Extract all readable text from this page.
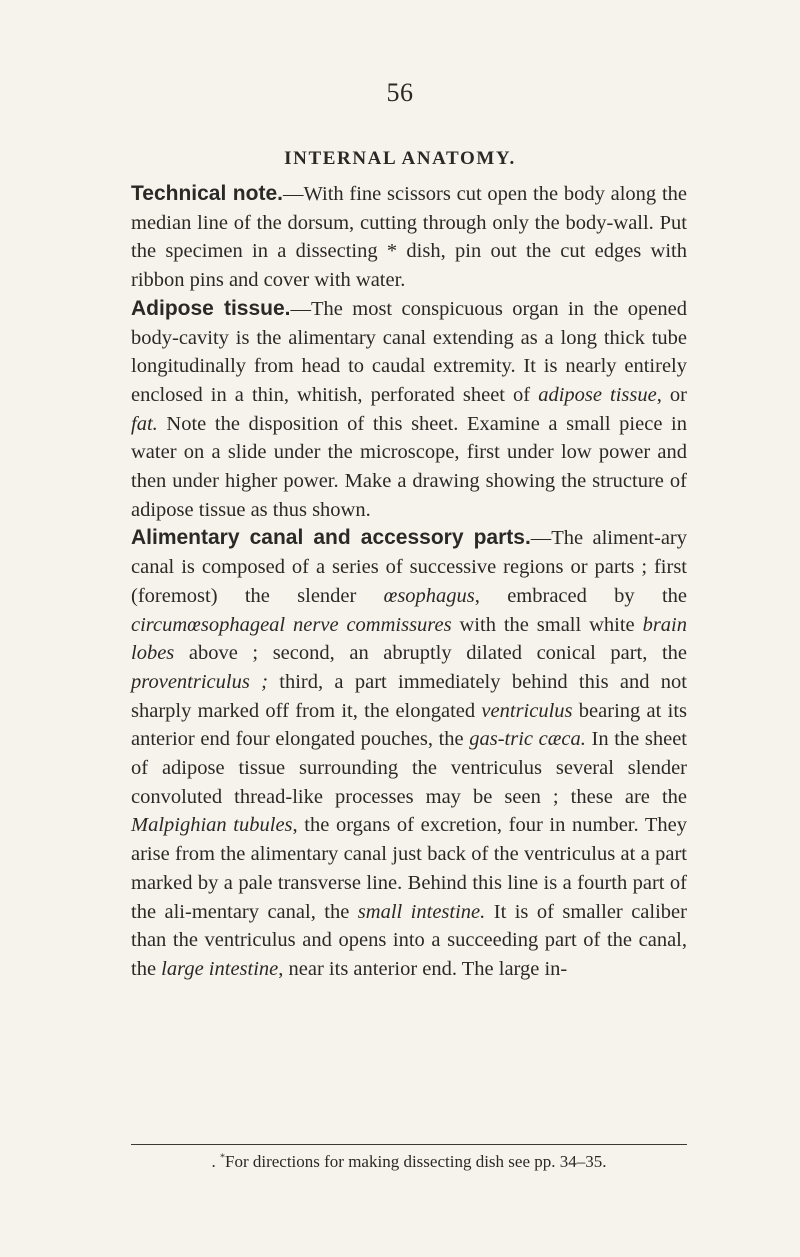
56
INTERNAL ANATOMY.

Technical note.—With fine scissors cut open the body along the median line of the dorsum, cutting through only the body-wall. Put the specimen in a dissecting * dish, pin out the cut edges with ribbon pins and cover with water.

Adipose tissue.—The most conspicuous organ in the opened body-cavity is the alimentary canal extending as a long thick tube longitudinally from head to caudal extremity. It is nearly entirely enclosed in a thin, whitish, perforated sheet of adipose tissue, or fat. Note the disposition of this sheet. Examine a small piece in water on a slide under the microscope, first under low power and then under higher power. Make a drawing showing the structure of adipose tissue as thus shown.

Alimentary canal and accessory parts.—The aliment-ary canal is composed of a series of successive regions or parts ; first (foremost) the slender œsophagus, embraced by the circumœsophageal nerve commissures with the small white brain lobes above ; second, an abruptly dilated conical part, the proventriculus ; third, a part immediately behind this and not sharply marked off from it, the elongated ventriculus bearing at its anterior end four elongated pouches, the gas-tric cæca. In the sheet of adipose tissue surrounding the ventriculus several slender convoluted thread-like processes may be seen ; these are the Malpighian tubules, the organs of excretion, four in number. They arise from the alimentary canal just back of the ventriculus at a part marked by a pale transverse line. Behind this line is a fourth part of the ali-mentary canal, the small intestine. It is of smaller caliber than the ventriculus and opens into a succeeding part of the canal, the large intestine, near its anterior end. The large in-

. *For directions for making dissecting dish see pp. 34–35.
